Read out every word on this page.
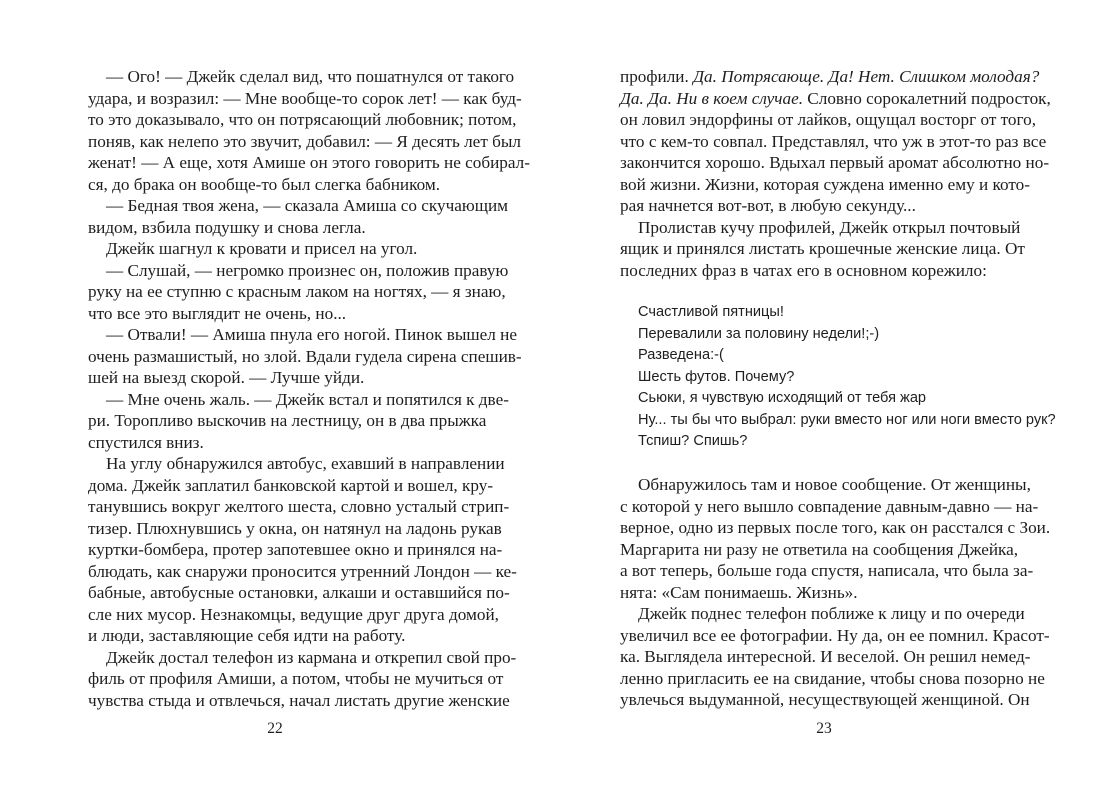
— Ого! — Джейк сделал вид, что пошатнулся от такого
удара, и возразил: — Мне вообще-то сорок лет! — как буд-
то это доказывало, что он потрясающий любовник; потом,
поняв, как нелепо это звучит, добавил: — Я десять лет был
женат! — А еще, хотя Амише он этого говорить не собирал-
ся, до брака он вообще-то был слегка бабником.
— Бедная твоя жена, — сказала Амиша со скучающим
видом, взбила подушку и снова легла.
Джейк шагнул к кровати и присел на угол.
— Слушай, — негромко произнес он, положив правую
руку на ее ступню с красным лаком на ногтях, — я знаю,
что все это выглядит не очень, но...
— Отвали! — Амиша пнула его ногой. Пинок вышел не
очень размашистый, но злой. Вдали гудела сирена спешив-
шей на выезд скорой. — Лучше уйди.
— Мне очень жаль. — Джейк встал и попятился к две-
ри. Торопливо выскочив на лестницу, он в два прыжка
спустился вниз.
На углу обнаружился автобус, ехавший в направлении
дома. Джейк заплатил банковской картой и вошел, кру-
танувшись вокруг желтого шеста, словно усталый стрип-
тизер. Плюхнувшись у окна, он натянул на ладонь рукав
куртки-бомбера, протер запотевшее окно и принялся на-
блюдать, как снаружи проносится утренний Лондон — ке-
бабные, автобусные остановки, алкаши и оставшийся по-
сле них мусор. Незнакомцы, ведущие друг друга домой,
и люди, заставляющие себя идти на работу.
Джейк достал телефон из кармана и открепил свой про-
филь от профиля Амиши, а потом, чтобы не мучиться от
чувства стыда и отвлечься, начал листать другие женские
22
профили. Да. Потрясающе. Да! Нет. Слишком молодая?
Да. Да. Ни в коем случае. Словно сорокалетний подросток,
он ловил эндорфины от лайков, ощущал восторг от того,
что с кем-то совпал. Представлял, что уж в этот-то раз все
закончится хорошо. Вдыхал первый аромат абсолютно но-
вой жизни. Жизни, которая суждена именно ему и кото-
рая начнется вот-вот, в любую секунду...
Пролистав кучу профилей, Джейк открыл почтовый
ящик и принялся листать крошечные женские лица. От
последних фраз в чатах его в основном корежило:
Счастливой пятницы!
Перевалили за половину недели!;-)
Разведена:-(
Шесть футов. Почему?
Сьюки, я чувствую исходящий от тебя жар
Ну... ты бы что выбрал: руки вместо ног или ноги вместо рук?
Тспиш? Спишь?
Обнаружилось там и новое сообщение. От женщины,
с которой у него вышло совпадение давным-давно — на-
верное, одно из первых после того, как он расстался с Зои.
Маргарита ни разу не ответила на сообщения Джейка,
а вот теперь, больше года спустя, написала, что была за-
нята: «Сам понимаешь. Жизнь».
Джейк поднес телефон поближе к лицу и по очереди
увеличил все ее фотографии. Ну да, он ее помнил. Красот-
ка. Выглядела интересной. И веселой. Он решил немед-
ленно пригласить ее на свидание, чтобы снова позорно не
увлечься выдуманной, несуществующей женщиной. Он
23
